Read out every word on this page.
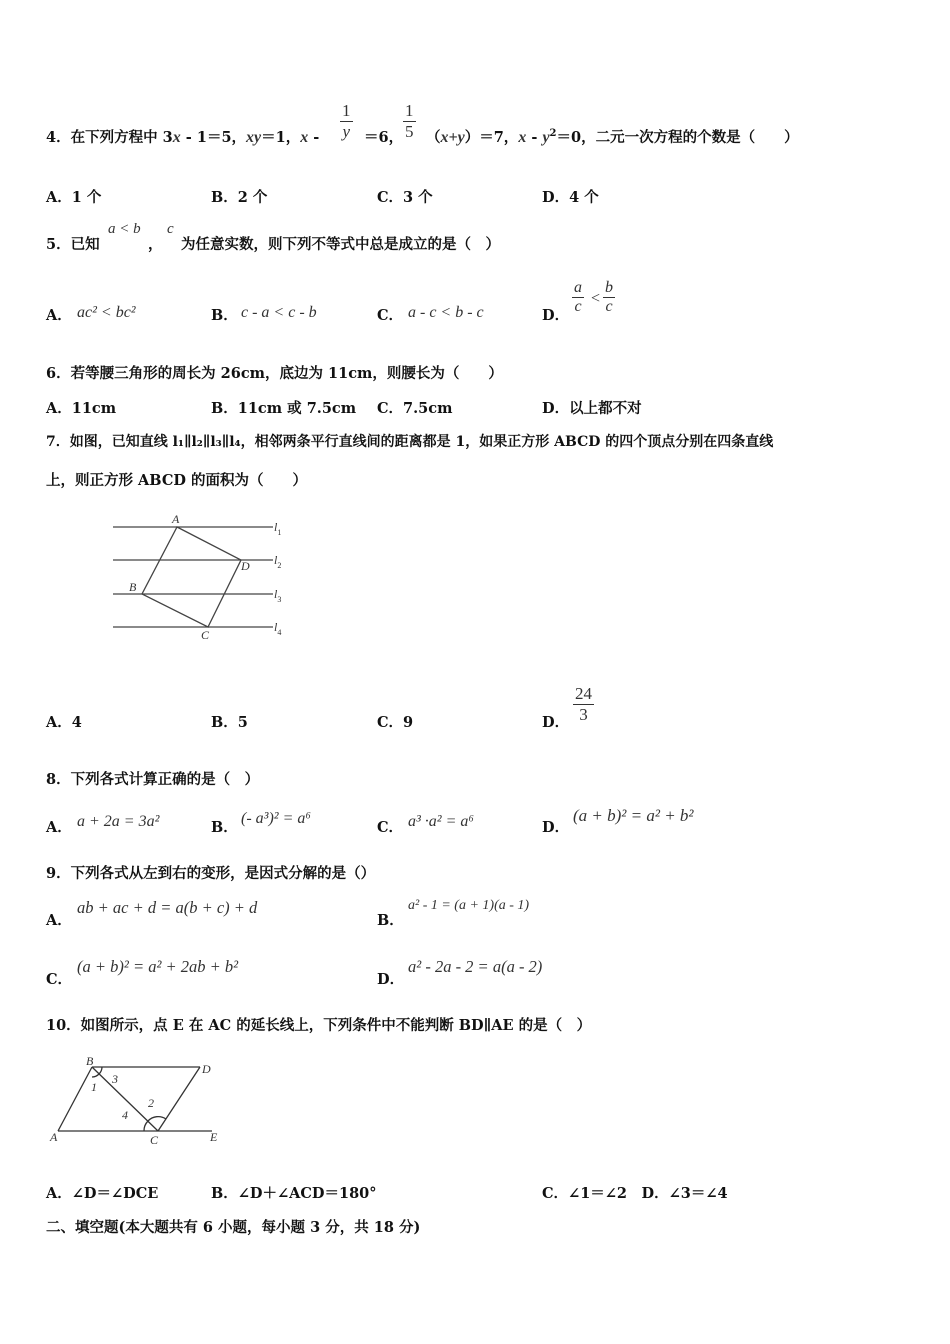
4．在下列方程中 3x - 1＝5，xy＝1，$x - \frac{1}{y} =6$， $\frac{1}{5} (x+y)=7$，$x - y^2=0$，二元一次方程的个数是（　　）
A．1 个	B．2 个	C．3 个	D．4 个
5．已知
a < b
，
c
为任意实数，则下列不等式中总是成立的是（　）
A． ac² < bc²	B． c - a < c - b	C． a - c < b - c	D． $\frac{a}{c} < \frac{b}{c}$
6．若等腰三角形的周长为 26cm，底边为 11cm，则腰长为（　　）
A．11cm	B．11cm 或 7.5cm C．7.5cm	D．以上都不对
7．如图，已知直线 l₁∥l₂∥l₃∥l₄，相邻两条平行直线间的距离都是 1，如果正方形 ABCD 的四个顶点分别在四条直线
上，则正方形 ABCD 的面积为（　　）
A
D
B
C
$l_1$
$l_2$
$l_3$
$l_4$
A．4	B．5	C．9	D． $\frac{24}{3}$
8．下列各式计算正确的是（　）
A． a + 2a = 3a²	B．
(- a³)² = a⁶
C． a³ ·a² = a⁶	D．
(a + b)² = a² + b²
9．下列各式从左到右的变形，是因式分解的是（）
A．
ab + ac + d = a(b + c) + d
B．
a² - 1 = (a + 1)(a - 1)
C．
(a + b)² = a² + 2ab + b²
D．
a² - 2a - 2 = a(a - 2)
10．如图所示，点 E 在 AC 的延长线上，下列条件中不能判断 BD∥AE 的是（　）
B
D
A	C	E
1
3
4
2
A．∠D＝∠DCE	B．∠D＋∠ACD＝180°	C．∠1＝∠2　D．∠3＝∠4
二、填空题(本大题共有 6 小题，每小题 3 分，共 18 分)
